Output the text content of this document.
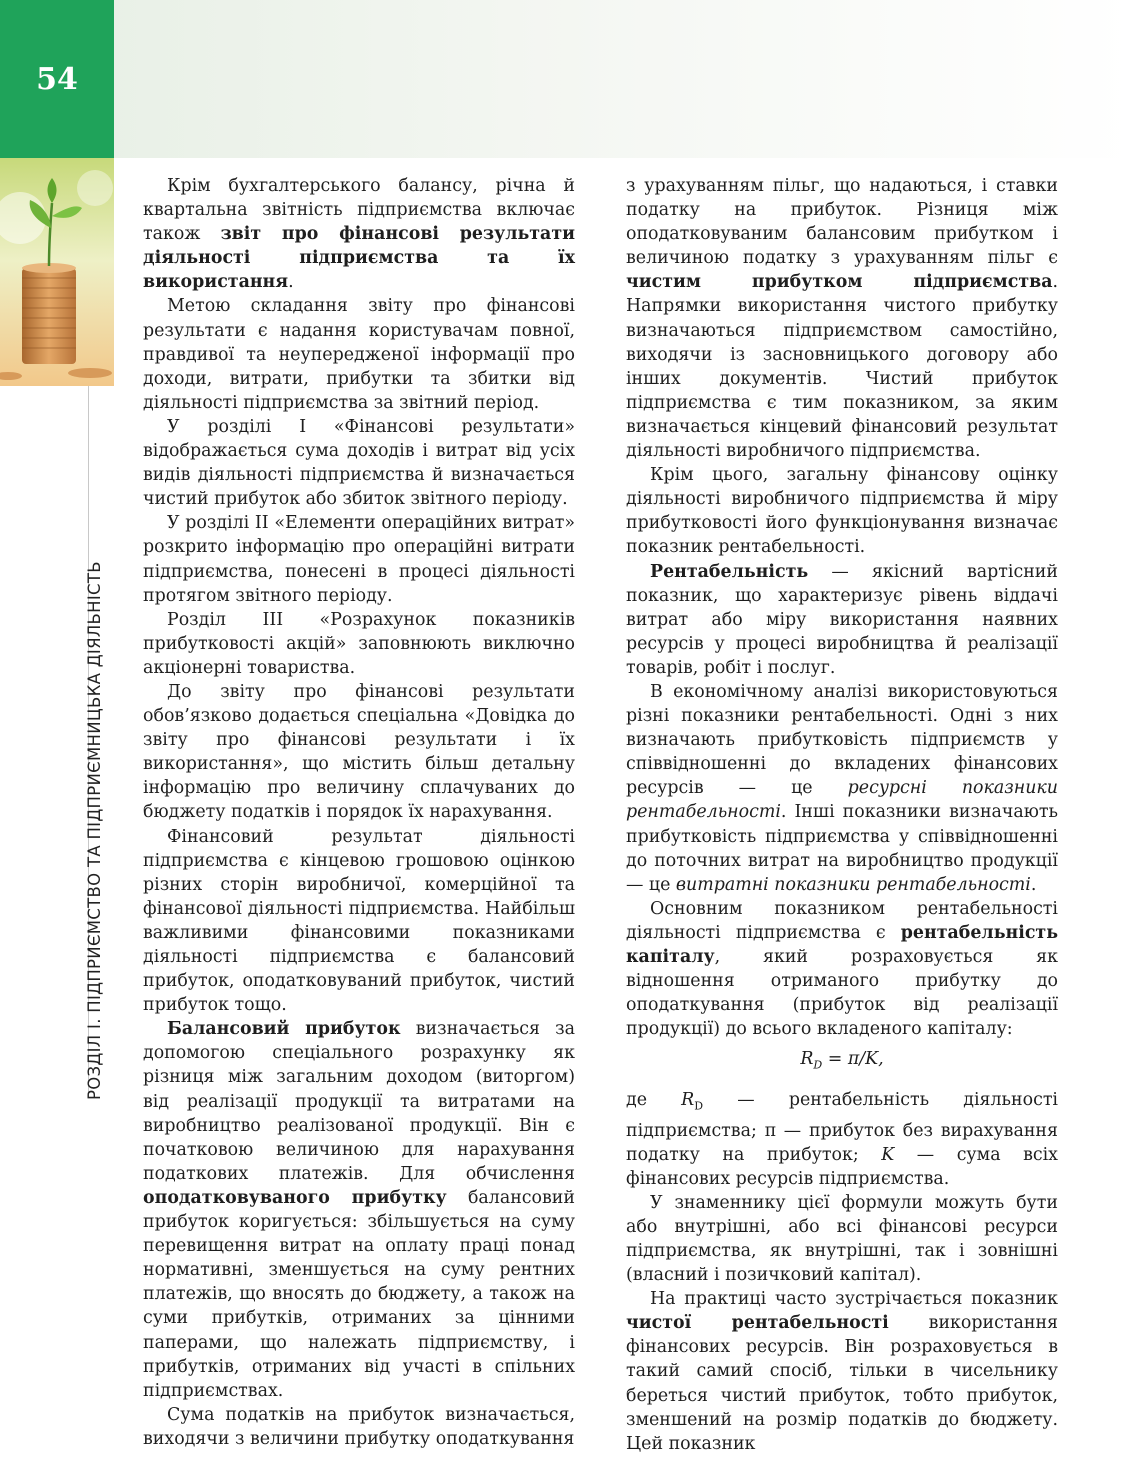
54
РОЗДІЛ І. ПІДПРИЄМСТВО ТА ПІДПРИЄМНИЦЬКА ДІЯЛЬНІСТЬ

Крім бухгалтерського балансу, річна й квартальна звітність підприємства включає також звіт про фінансові результати діяльності підприємства та їх використання.

Метою складання звіту про фінансові результати є надання користувачам повної, правдивої та неупередженої інформації про доходи, витрати, прибутки та збитки від діяльності підприємства за звітний період.

У розділі І «Фінансові результати» відображається сума доходів і витрат від усіх видів діяльності підприємства й визначається чистий прибуток або збиток звітного періоду.

У розділі ІІ «Елементи операційних витрат» розкрито інформацію про операційні витрати підприємства, понесені в процесі діяльності протягом звітного періоду.

Розділ ІІІ «Розрахунок показників прибутковості акцій» заповнюють виключно акціонерні товариства.

До звіту про фінансові результати обов’язково додається спеціальна «Довідка до звіту про фінансові результати і їх використання», що містить більш детальну інформацію про величину сплачуваних до бюджету податків і порядок їх нарахування.

Фінансовий результат діяльності підприємства є кінцевою грошовою оцінкою різних сторін виробничої, комерційної та фінансової діяльності підприємства. Найбільш важливими фінансовими показниками діяльності підприємства є балансовий прибуток, оподатковуваний прибуток, чистий прибуток тощо.

Балансовий прибуток визначається за допомогою спеціального розрахунку як різниця між загальним доходом (виторгом) від реалізації продукції та витратами на виробництво реалізованої продукції. Він є початковою величиною для нарахування податкових платежів. Для обчислення оподатковуваного прибутку балансовий прибуток коригується: збільшується на суму перевищення витрат на оплату праці понад нормативні, зменшується на суму рентних платежів, що вносять до бюджету, а також на суми прибутків, отриманих за цінними паперами, що належать підприємству, і прибутків, отриманих від участі в спільних підприємствах.

Сума податків на прибуток визначається, виходячи з величини прибутку оподаткування

з урахуванням пільг, що надаються, і ставки податку на прибуток. Різниця між оподатковуваним балансовим прибутком і величиною податку з урахуванням пільг є чистим прибутком підприємства. Напрямки використання чистого прибутку визначаються підприємством самостійно, виходячи із засновницького договору або інших документів. Чистий прибуток підприємства є тим показником, за яким визначається кінцевий фінансовий результат діяльності виробничого підприємства.

Крім цього, загальну фінансову оцінку діяльності виробничого підприємства й міру прибутковості його функціонування визначає показник рентабельності.

Рентабельність — якісний вартісний показник, що характеризує рівень віддачі витрат або міру використання наявних ресурсів у процесі виробництва й реалізації товарів, робіт і послуг.

В економічному аналізі використовуються різні показники рентабельності. Одні з них визначають прибутковість підприємств у співвідношенні до вкладених фінансових ресурсів — це ресурсні показники рентабельності. Інші показники визначають прибутковість підприємства у співвідношенні до поточних витрат на виробництво продукції — це витратні показники рентабельності.

Основним показником рентабельності діяльності підприємства є рентабельність капіталу, який розраховується як відношення отриманого прибутку до оподаткування (прибуток від реалізації продукції) до всього вкладеного капіталу:

$R_D = \pi/K$,

де $R_D$ — рентабельність діяльності підприємства; π — прибуток без вирахування податку на прибуток; K — сума всіх фінансових ресурсів підприємства.

У знаменнику цієї формули можуть бути або внутрішні, або всі фінансові ресурси підприємства, як внутрішні, так і зовнішні (власний і позичковий капітал).

На практиці часто зустрічається показник чистої рентабельності використання фінансових ресурсів. Він розраховується в такий самий спосіб, тільки в чисельнику береться чистий прибуток, тобто прибуток, зменшений на розмір податків до бюджету. Цей показник
